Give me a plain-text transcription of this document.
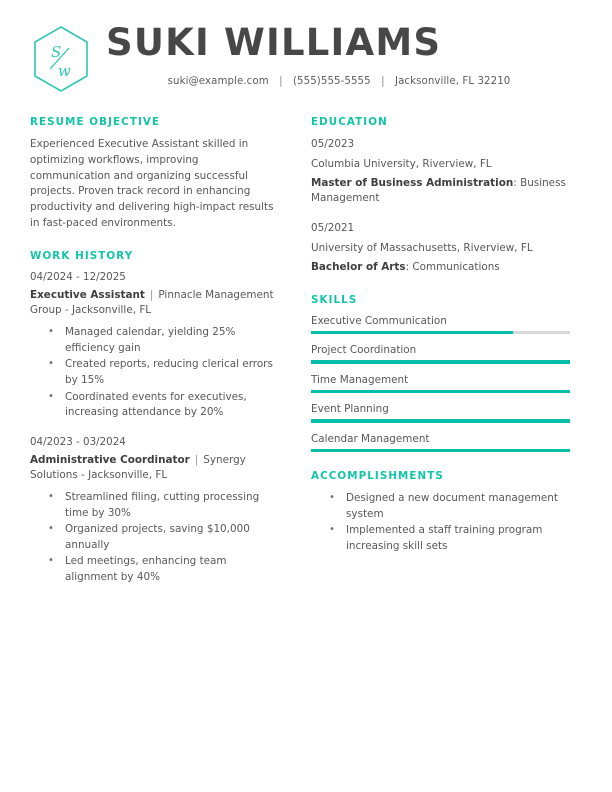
S
w
SUKI WILLIAMS
suki@example.com | (555)555-5555 | Jacksonville, FL 32210
RESUME OBJECTIVE

Experienced Executive Assistant skilled in optimizing workflows, improving communication and organizing successful projects. Proven track record in enhancing productivity and delivering high-impact results in fast-paced environments.

WORK HISTORY
04/2024 - 12/2025
Executive Assistant | Pinnacle Management Group - Jacksonville, FL
• Managed calendar, yielding 25% efficiency gain
• Created reports, reducing clerical errors by 15%
• Coordinated events for executives, increasing attendance by 20%
04/2023 - 03/2024
Administrative Coordinator | Synergy Solutions - Jacksonville, FL
• Streamlined filing, cutting processing time by 30%
• Organized projects, saving $10,000 annually
• Led meetings, enhancing team alignment by 40%
EDUCATION

05/2023

Columbia University, Riverview, FL

Master of Business Administration: Business Management

05/2021

University of Massachusetts, Riverview, FL

Bachelor of Arts: Communications

SKILLS
Executive Communication
Project Coordination
Time Management
Event Planning
Calendar Management
ACCOMPLISHMENTS
• Designed a new document management system
• Implemented a staff training program increasing skill sets
